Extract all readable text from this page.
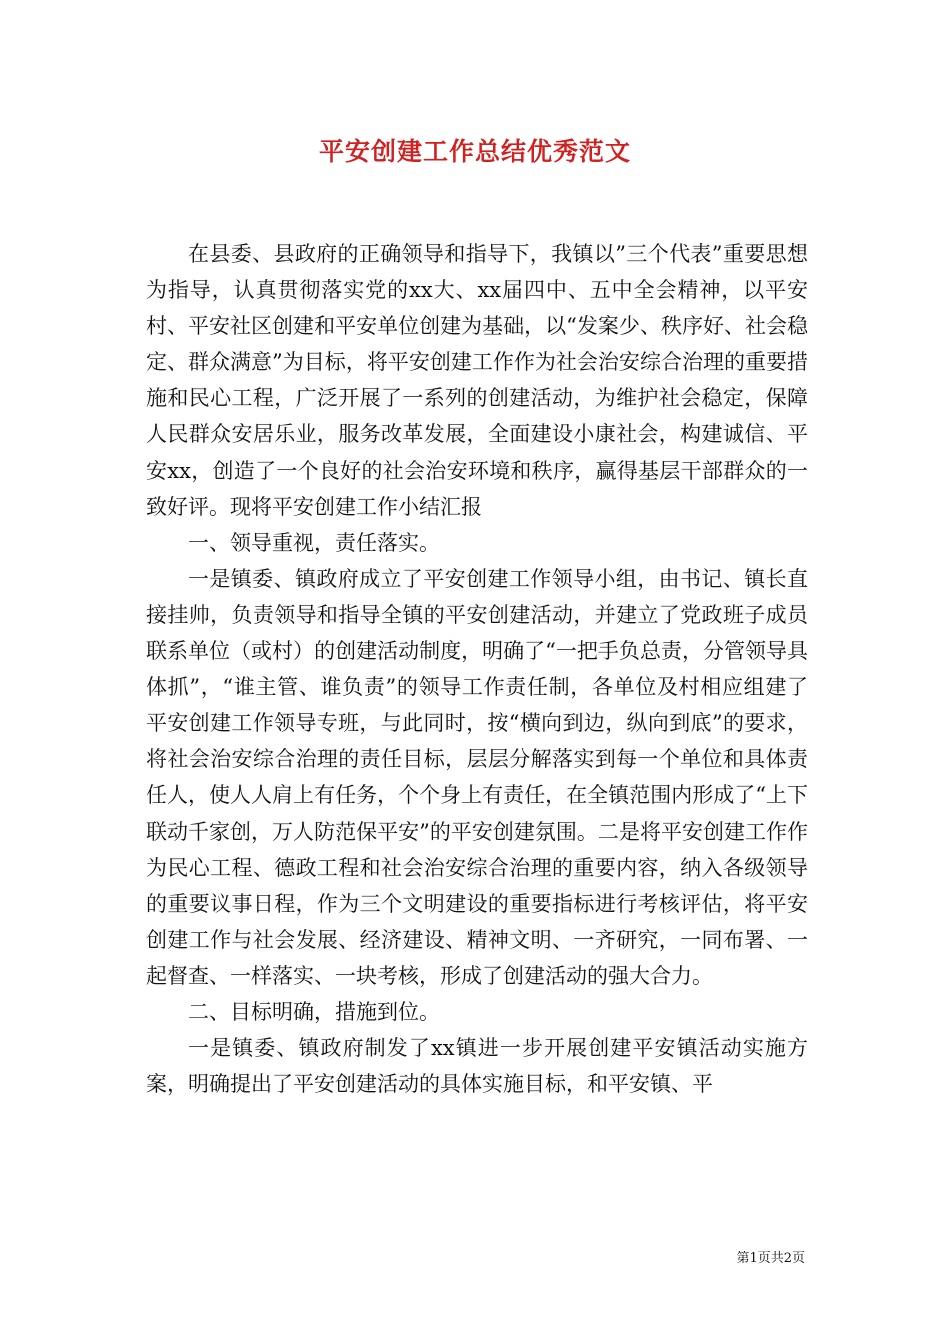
平安创建工作总结优秀范文

在县委、县政府的正确领导和指导下，我镇以”三个代表”重要思想为指导，认真贯彻落实党的xx大、xx届四中、五中全会精神，以平安村、平安社区创建和平安单位创建为基础，以“发案少、秩序好、社会稳定、群众满意”为目标，将平安创建工作作为社会治安综合治理的重要措施和民心工程，广泛开展了一系列的创建活动，为维护社会稳定，保障人民群众安居乐业，服务改革发展，全面建设小康社会，构建诚信、平安xx，创造了一个良好的社会治安环境和秩序，赢得基层干部群众的一致好评。现将平安创建工作小结汇报

一、领导重视，责任落实。

一是镇委、镇政府成立了平安创建工作领导小组，由书记、镇长直接挂帅，负责领导和指导全镇的平安创建活动，并建立了党政班子成员联系单位（或村）的创建活动制度，明确了“一把手负总责，分管领导具体抓”，“谁主管、谁负责”的领导工作责任制，各单位及村相应组建了平安创建工作领导专班，与此同时，按“横向到边，纵向到底”的要求，将社会治安综合治理的责任目标，层层分解落实到每一个单位和具体责任人，使人人肩上有任务，个个身上有责任，在全镇范围内形成了“上下联动千家创，万人防范保平安”的平安创建氛围。二是将平安创建工作作为民心工程、德政工程和社会治安综合治理的重要内容，纳入各级领导的重要议事日程，作为三个文明建设的重要指标进行考核评估，将平安创建工作与社会发展、经济建设、精神文明、一齐研究，一同布署、一起督查、一样落实、一块考核，形成了创建活动的强大合力。

二、目标明确，措施到位。

一是镇委、镇政府制发了xx镇进一步开展创建平安镇活动实施方案，明确提出了平安创建活动的具体实施目标，和平安镇、平

第1页共2页
